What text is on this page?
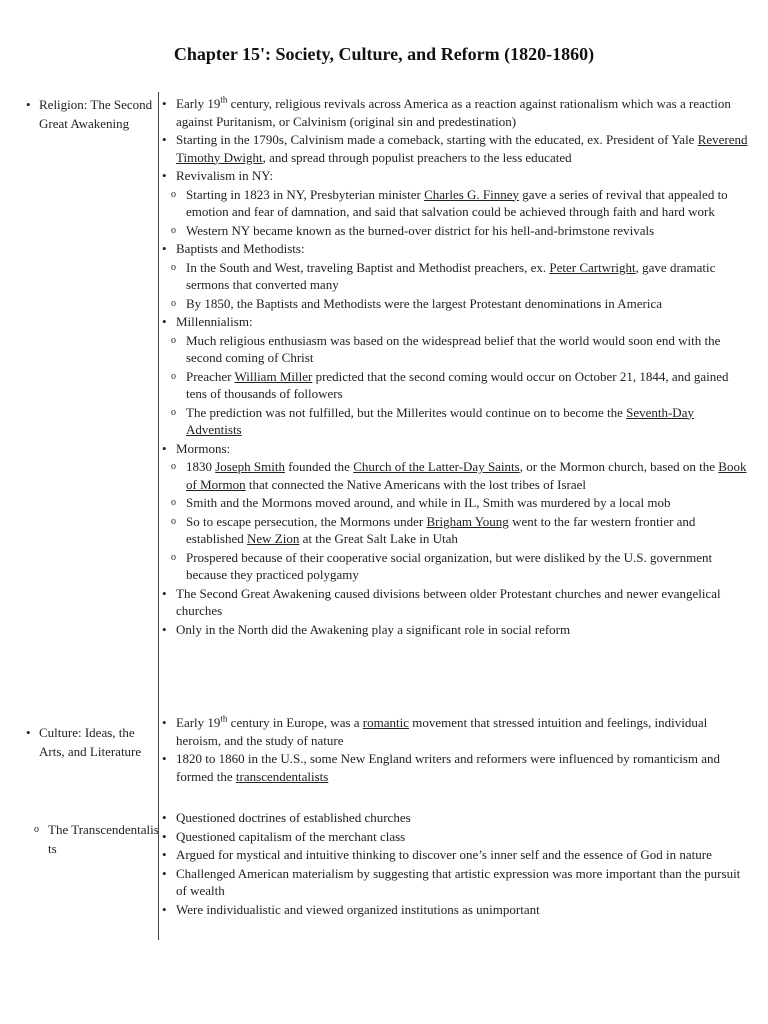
Chapter 15': Society, Culture, and Reform (1820-1860)
• Religion: The Second Great Awakening
• Early 19th century, religious revivals across America as a reaction against rationalism which was a reaction against Puritanism, or Calvinism (original sin and predestination)
• Starting in the 1790s, Calvinism made a comeback, starting with the educated, ex. President of Yale Reverend Timothy Dwight, and spread through populist preachers to the less educated
• Revivalism in NY:
o Starting in 1823 in NY, Presbyterian minister Charles G. Finney gave a series of revival that appealed to emotion and fear of damnation, and said that salvation could be achieved through faith and hard work
o Western NY became known as the burned-over district for his hell-and-brimstone revivals
• Baptists and Methodists:
o In the South and West, traveling Baptist and Methodist preachers, ex. Peter Cartwright, gave dramatic sermons that converted many
o By 1850, the Baptists and Methodists were the largest Protestant denominations in America
• Millennialism:
o Much religious enthusiasm was based on the widespread belief that the world would soon end with the second coming of Christ
o Preacher William Miller predicted that the second coming would occur on October 21, 1844, and gained tens of thousands of followers
o The prediction was not fulfilled, but the Millerites would continue on to become the Seventh-Day Adventists
• Mormons:
o 1830 Joseph Smith founded the Church of the Latter-Day Saints, or the Mormon church, based on the Book of Mormon that connected the Native Americans with the lost tribes of Israel
o Smith and the Mormons moved around, and while in IL, Smith was murdered by a local mob
o So to escape persecution, the Mormons under Brigham Young went to the far western frontier and established New Zion at the Great Salt Lake in Utah
o Prospered because of their cooperative social organization, but were disliked by the U.S. government because they practiced polygamy
• The Second Great Awakening caused divisions between older Protestant churches and newer evangelical churches
• Only in the North did the Awakening play a significant role in social reform
• Culture: Ideas, the Arts, and Literature
• Early 19th century in Europe, was a romantic movement that stressed intuition and feelings, individual heroism, and the study of nature
• 1820 to 1860 in the U.S., some New England writers and reformers were influenced by romanticism and formed the transcendentalists
o The Transcendentalists
• Questioned doctrines of established churches
• Questioned capitalism of the merchant class
• Argued for mystical and intuitive thinking to discover one’s inner self and the essence of God in nature
• Challenged American materialism by suggesting that artistic expression was more important than the pursuit of wealth
• Were individualistic and viewed organized institutions as unimportant
